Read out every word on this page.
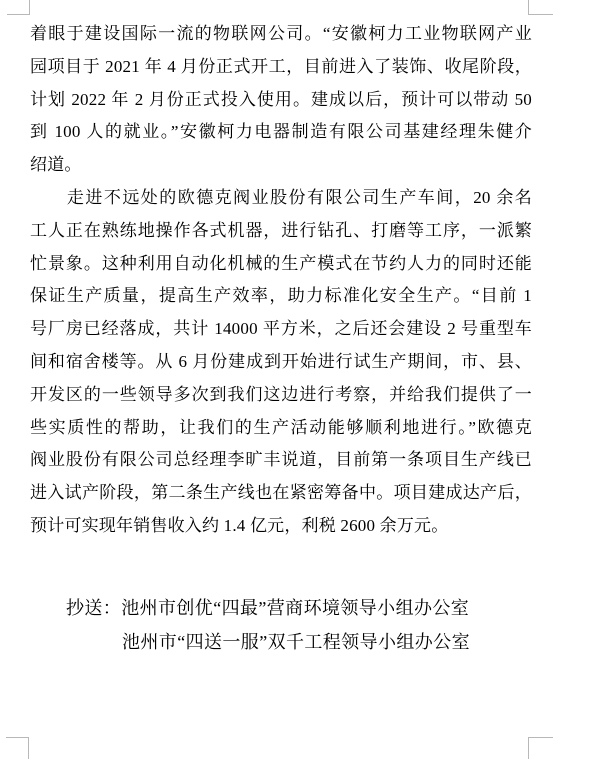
着眼于建设国际一流的物联网公司。“安徽柯力工业物联网产业
园项目于 2021 年 4 月份正式开工，目前进入了装饰、收尾阶段，
计划 2022 年 2 月份正式投入使用。建成以后，预计可以带动 50
到 100 人的就业。”安徽柯力电器制造有限公司基建经理朱健介
绍道。
　　走进不远处的欧德克阀业股份有限公司生产车间，20 余名
工人正在熟练地操作各式机器，进行钻孔、打磨等工序，一派繁
忙景象。这种利用自动化机械的生产模式在节约人力的同时还能
保证生产质量，提高生产效率，助力标准化安全生产。“目前 1
号厂房已经落成，共计 14000 平方米，之后还会建设 2 号重型车
间和宿舍楼等。从 6 月份建成到开始进行试生产期间，市、县、
开发区的一些领导多次到我们这边进行考察，并给我们提供了一
些实质性的帮助，让我们的生产活动能够顺利地进行。”欧德克
阀业股份有限公司总经理李旷丰说道，目前第一条项目生产线已
进入试产阶段，第二条生产线也在紧密筹备中。项目建成达产后，
预计可实现年销售收入约 1.4 亿元，利税 2600 余万元。
抄送：池州市创优“四最”营商环境领导小组办公室
池州市“四送一服”双千工程领导小组办公室
